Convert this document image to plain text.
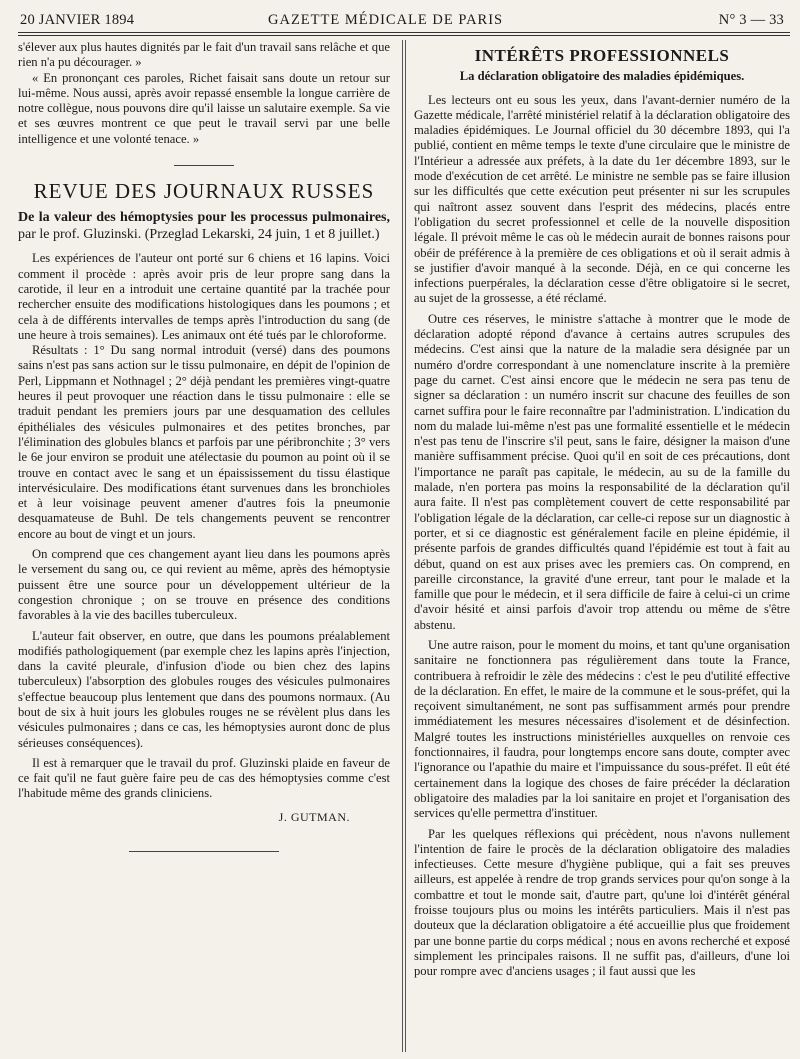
20 JANVIER 1894	GAZETTE MÉDICALE DE PARIS	N° 3 — 33

s'élever aux plus hautes dignités par le fait d'un travail sans relâche et que rien n'a pu décourager. »

« En prononçant ces paroles, Richet faisait sans doute un retour sur lui-même. Nous aussi, après avoir repassé ensemble la longue carrière de notre collègue, nous pouvons dire qu'il laisse un salutaire exemple. Sa vie et ses œuvres montrent ce que peut le travail servi par une belle intelligence et une volonté tenace. »

REVUE DES JOURNAUX RUSSES

De la valeur des hémoptysies pour les processus pulmonaires, par le prof. Gluzinski. (Przeglad Lekarski, 24 juin, 1 et 8 juillet.)

Les expériences de l'auteur ont porté sur 6 chiens et 16 lapins. Voici comment il procède : après avoir pris de leur propre sang dans la carotide, il leur en a introduit une certaine quantité par la trachée pour rechercher ensuite des modifications histologiques dans les poumons ; et cela à de différents intervalles de temps après l'introduction du sang (de une heure à trois semaines). Les animaux ont été tués par le chloroforme.

Résultats : 1° Du sang normal introduit (versé) dans des poumons sains n'est pas sans action sur le tissu pulmonaire, en dépit de l'opinion de Perl, Lippmann et Nothnagel ; 2° déjà pendant les premières vingt-quatre heures il peut provoquer une réaction dans le tissu pulmonaire : elle se traduit pendant les premiers jours par une desquamation des cellules épithéliales des vésicules pulmonaires et des petites bronches, par l'élimination des globules blancs et parfois par une péribronchite ; 3° vers le 6e jour environ se produit une atélectasie du poumon au point où il se trouve en contact avec le sang et un épaississement du tissu élastique intervésiculaire. Des modifications étant survenues dans les bronchioles et à leur voisinage peuvent amener d'autres fois la pneumonie desquamateuse de Buhl. De tels changements peuvent se rencontrer encore au bout de vingt et un jours.

On comprend que ces changement ayant lieu dans les poumons après le versement du sang ou, ce qui revient au même, après des hémoptysie puissent être une source pour un développement ultérieur de la congestion chronique ; on se trouve en présence des conditions favorables à la vie des bacilles tuberculeux.

L'auteur fait observer, en outre, que dans les poumons préalablement modifiés pathologiquement (par exemple chez les lapins après l'injection, dans la cavité pleurale, d'infusion d'iode ou bien chez des lapins tuberculeux) l'absorption des globules rouges des vésicules pulmonaires s'effectue beaucoup plus lentement que dans des poumons normaux. (Au bout de six à huit jours les globules rouges ne se révèlent plus dans les vésicules pulmonaires ; dans ce cas, les hémoptysies auront donc de plus sérieuses conséquences).

Il est à remarquer que le travail du prof. Gluzinski plaide en faveur de ce fait qu'il ne faut guère faire peu de cas des hémoptysies comme c'est l'habitude même des grands cliniciens.

J. GUTMAN.

INTÉRÊTS PROFESSIONNELS
La déclaration obligatoire des maladies épidémiques.

Les lecteurs ont eu sous les yeux, dans l'avant-dernier numéro de la Gazette médicale, l'arrêté ministériel relatif à la déclaration obligatoire des maladies épidémiques. Le Journal officiel du 30 décembre 1893, qui l'a publié, contient en même temps le texte d'une circulaire que le ministre de l'Intérieur a adressée aux préfets, à la date du 1er décembre 1893, sur le mode d'exécution de cet arrêté. Le ministre ne semble pas se faire illusion sur les difficultés que cette exécution peut présenter ni sur les scrupules qui naîtront assez souvent dans l'esprit des médecins, placés entre l'obligation du secret professionnel et celle de la nouvelle disposition légale. Il prévoit même le cas où le médecin aurait de bonnes raisons pour obéir de préférence à la première de ces obligations et où il serait admis à se justifier d'avoir manqué à la seconde. Déjà, en ce qui concerne les infections puerpérales, la déclaration cesse d'être obligatoire si le secret, au sujet de la grossesse, a été réclamé.

Outre ces réserves, le ministre s'attache à montrer que le mode de déclaration adopté répond d'avance à certains autres scrupules des médecins. C'est ainsi que la nature de la maladie sera désignée par un numéro d'ordre correspondant à une nomenclature inscrite à la première page du carnet. C'est ainsi encore que le médecin ne sera pas tenu de signer sa déclaration : un numéro inscrit sur chacune des feuilles de son carnet suffira pour le faire reconnaître par l'administration. L'indication du nom du malade lui-même n'est pas une formalité essentielle et le médecin n'est pas tenu de l'inscrire s'il peut, sans le faire, désigner la maison d'une manière suffisamment précise. Quoi qu'il en soit de ces précautions, dont l'importance ne paraît pas capitale, le médecin, au su de la famille du malade, n'en portera pas moins la responsabilité de la déclaration qu'il aura faite. Il n'est pas complètement couvert de cette responsabilité par l'obligation légale de la déclaration, car celle-ci repose sur un diagnostic à porter, et si ce diagnostic est généralement facile en pleine épidémie, il présente parfois de grandes difficultés quand l'épidémie est tout à fait au début, quand on est aux prises avec les premiers cas. On comprend, en pareille circonstance, la gravité d'une erreur, tant pour le malade et la famille que pour le médecin, et il sera difficile de faire à celui-ci un crime d'avoir hésité et ainsi parfois d'avoir trop attendu ou même de s'être abstenu.

Une autre raison, pour le moment du moins, et tant qu'une organisation sanitaire ne fonctionnera pas régulièrement dans toute la France, contribuera à refroidir le zèle des médecins : c'est le peu d'utilité effective de la déclaration. En effet, le maire de la commune et le sous-préfet, qui la reçoivent simultanément, ne sont pas suffisamment armés pour prendre immédiatement les mesures nécessaires d'isolement et de désinfection. Malgré toutes les instructions ministérielles auxquelles on renvoie ces fonctionnaires, il faudra, pour longtemps encore sans doute, compter avec l'ignorance ou l'apathie du maire et l'impuissance du sous-préfet. Il eût été certainement dans la logique des choses de faire précéder la déclaration obligatoire des maladies par la loi sanitaire en projet et l'organisation des services qu'elle permettra d'instituer.

Par les quelques réflexions qui précèdent, nous n'avons nullement l'intention de faire le procès de la déclaration obligatoire des maladies infectieuses. Cette mesure d'hygiène publique, qui a fait ses preuves ailleurs, est appelée à rendre de trop grands services pour qu'on songe à la combattre et tout le monde sait, d'autre part, qu'une loi d'intérêt général froisse toujours plus ou moins les intérêts particuliers. Mais il n'est pas douteux que la déclaration obligatoire a été accueillie plus que froidement par une bonne partie du corps médical ; nous en avons recherché et exposé simplement les principales raisons. Il ne suffit pas, d'ailleurs, d'une loi pour rompre avec d'anciens usages ; il faut aussi que les
